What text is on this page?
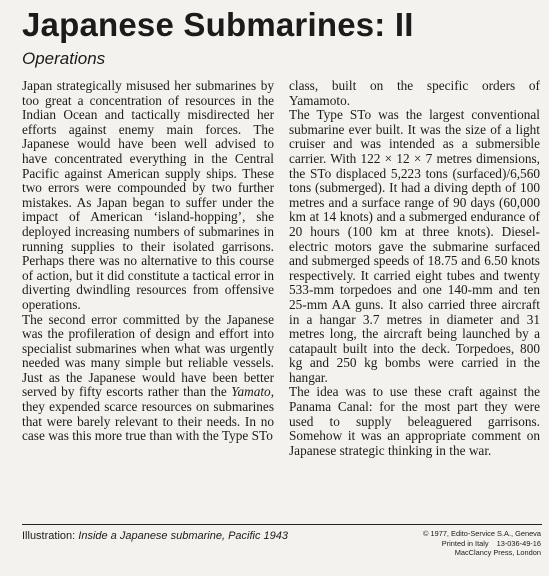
Japanese Submarines: II
Operations

Japan strategically misused her submarines by too great a concentration of resources in the Indian Ocean and tactically misdirected her efforts against enemy main forces. The Japanese would have been well advised to have concentrated everything in the Central Pacific against American supply ships. These two errors were compounded by two further mistakes. As Japan began to suffer under the impact of American ‘island-hopping’, she deployed increasing numbers of submarines in running supplies to their isolated garrisons. Perhaps there was no alternative to this course of action, but it did constitute a tactical error in diverting dwindling resources from offensive operations.

The second error committed by the Japanese was the profileration of design and effort into specialist submarines when what was urgently needed was many simple but reliable vessels. Just as the Japanese would have been better served by fifty escorts rather than the Yamato, they expended scarce resources on submarines that were barely relevant to their needs. In no case was this more true than with the Type STo

class, built on the specific orders of Yamamoto.

The Type STo was the largest conventional submarine ever built. It was the size of a light cruiser and was intended as a submersible carrier. With 122 × 12 × 7 metres dimensions, the STo displaced 5,223 tons (surfaced)/6,560 tons (submerged). It had a diving depth of 100 metres and a surface range of 90 days (60,000 km at 14 knots) and a submerged endurance of 20 hours (100 km at three knots). Diesel-electric motors gave the submarine surfaced and submerged speeds of 18.75 and 6.50 knots respectively. It carried eight tubes and twenty 533-mm torpedoes and one 140-mm and ten 25-mm AA guns. It also carried three aircraft in a hangar 3.7 metres in diameter and 31 metres long, the aircraft being launched by a catapault built into the deck. Torpedoes, 800 kg and 250 kg bombs were carried in the hangar.

The idea was to use these craft against the Panama Canal: for the most part they were used to supply beleaguered garrisons. Somehow it was an appropriate comment on Japanese strategic thinking in the war.

Illustration: Inside a Japanese submarine, Pacific 1943	© 1977, Edito-Service S.A., Geneva
Printed in Italy 13-036-49-16
MacClancy Press, London
